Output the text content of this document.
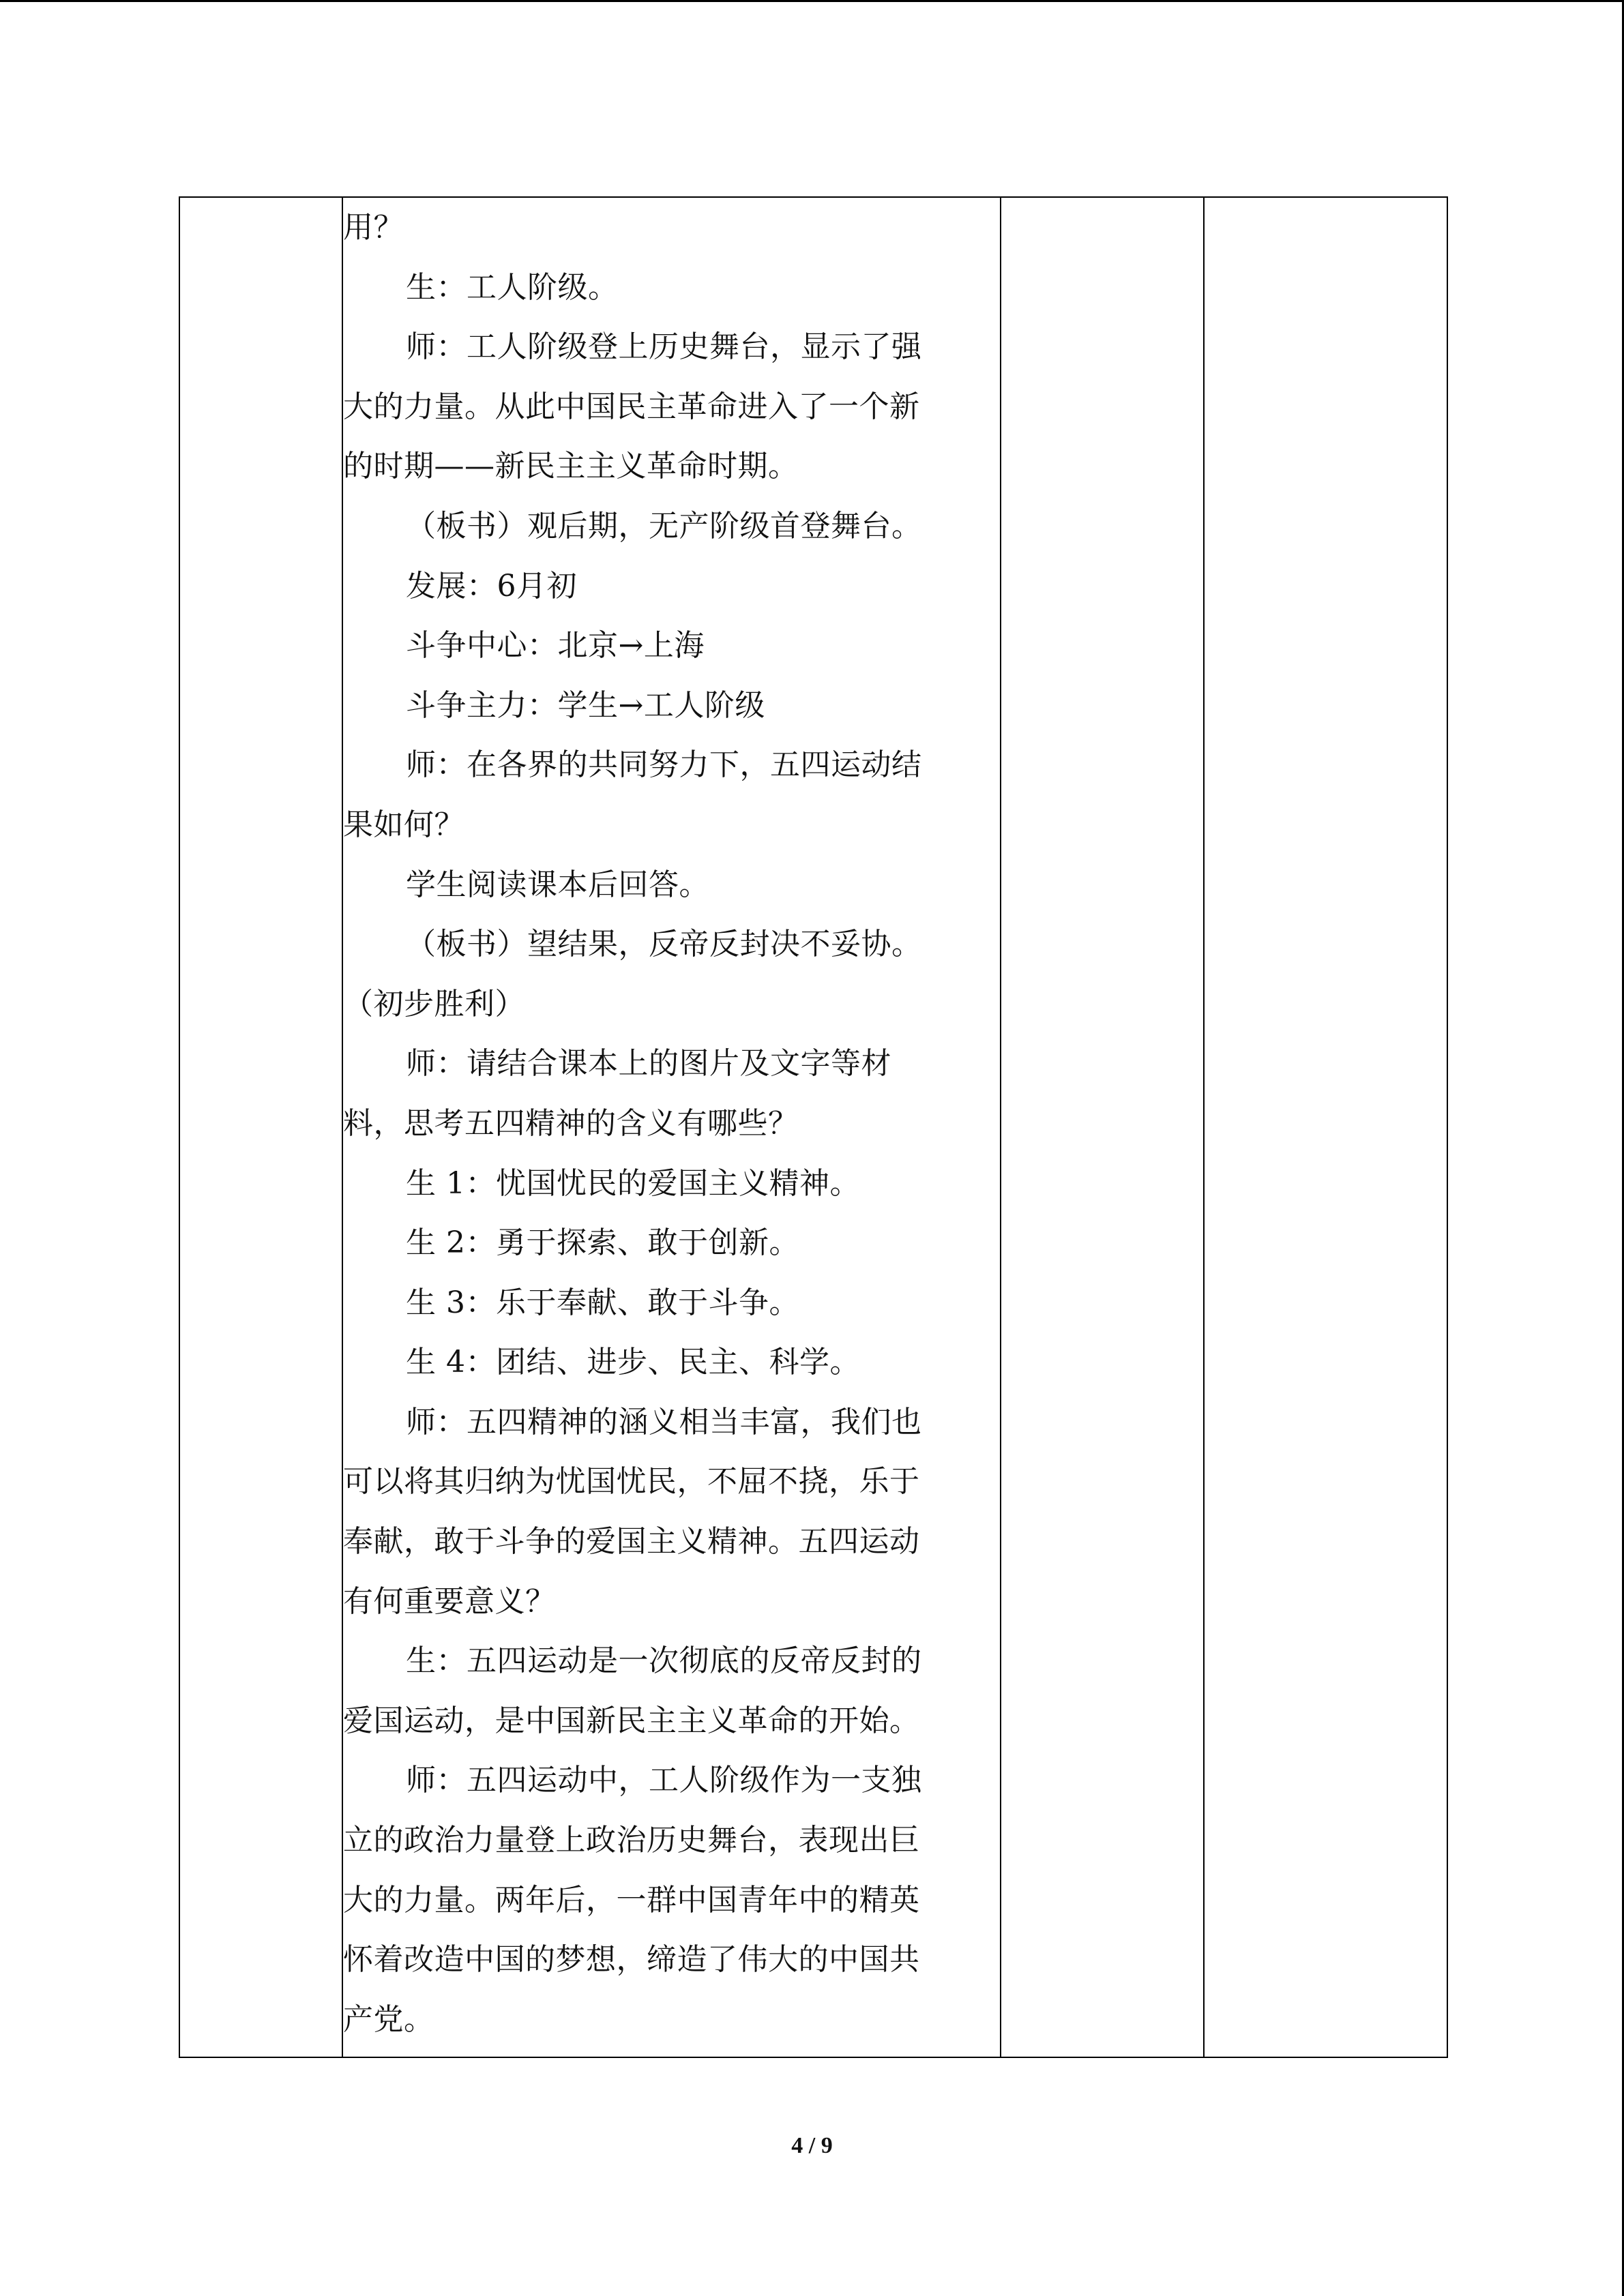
用？
生：工人阶级。
师：工人阶级登上历史舞台，显示了强
大的力量。从此中国民主革命进入了一个新
的时期——新民主主义革命时期。
（板书）观后期，无产阶级首登舞台。
发展：6月初
斗争中心：北京→上海
斗争主力：学生→工人阶级
师：在各界的共同努力下，五四运动结
果如何？
学生阅读课本后回答。
（板书）望结果，反帝反封决不妥协。
（初步胜利）
师：请结合课本上的图片及文字等材
料，思考五四精神的含义有哪些？
生 1：忧国忧民的爱国主义精神。
生 2：勇于探索、敢于创新。
生 3：乐于奉献、敢于斗争。
生 4：团结、进步、民主、科学。
师：五四精神的涵义相当丰富，我们也
可以将其归纳为忧国忧民，不屈不挠，乐于
奉献，敢于斗争的爱国主义精神。五四运动
有何重要意义？
生：五四运动是一次彻底的反帝反封的
爱国运动，是中国新民主主义革命的开始。
师：五四运动中，工人阶级作为一支独
立的政治力量登上政治历史舞台，表现出巨
大的力量。两年后，一群中国青年中的精英
怀着改造中国的梦想，缔造了伟大的中国共
产党。

4 / 9
